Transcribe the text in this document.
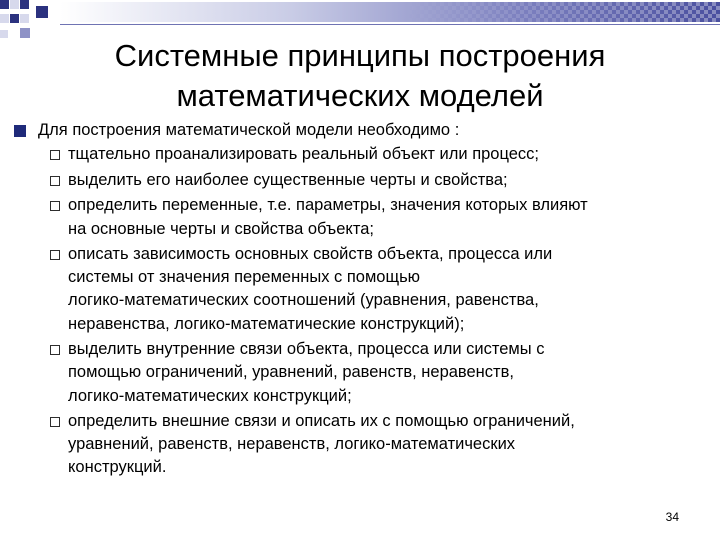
Системные принципы построения
математических моделей
Для построения математической модели необходимо :
тщательно проанализировать реальный объект или процесс;
выделить его наиболее существенные черты и свойства;
определить переменные, т.е. параметры, значения которых влияют
на основные черты и свойства объекта;
описать зависимость основных свойств объекта, процесса или
системы от значения переменных с помощью
логико-математических соотношений (уравнения, равенства,
неравенства, логико-математические конструкций);
выделить внутренние связи объекта, процесса или системы с
помощью ограничений, уравнений, равенств, неравенств,
логико-математических конструкций;
определить внешние связи и описать их с помощью ограничений,
уравнений, равенств, неравенств, логико-математических
конструкций.
34
